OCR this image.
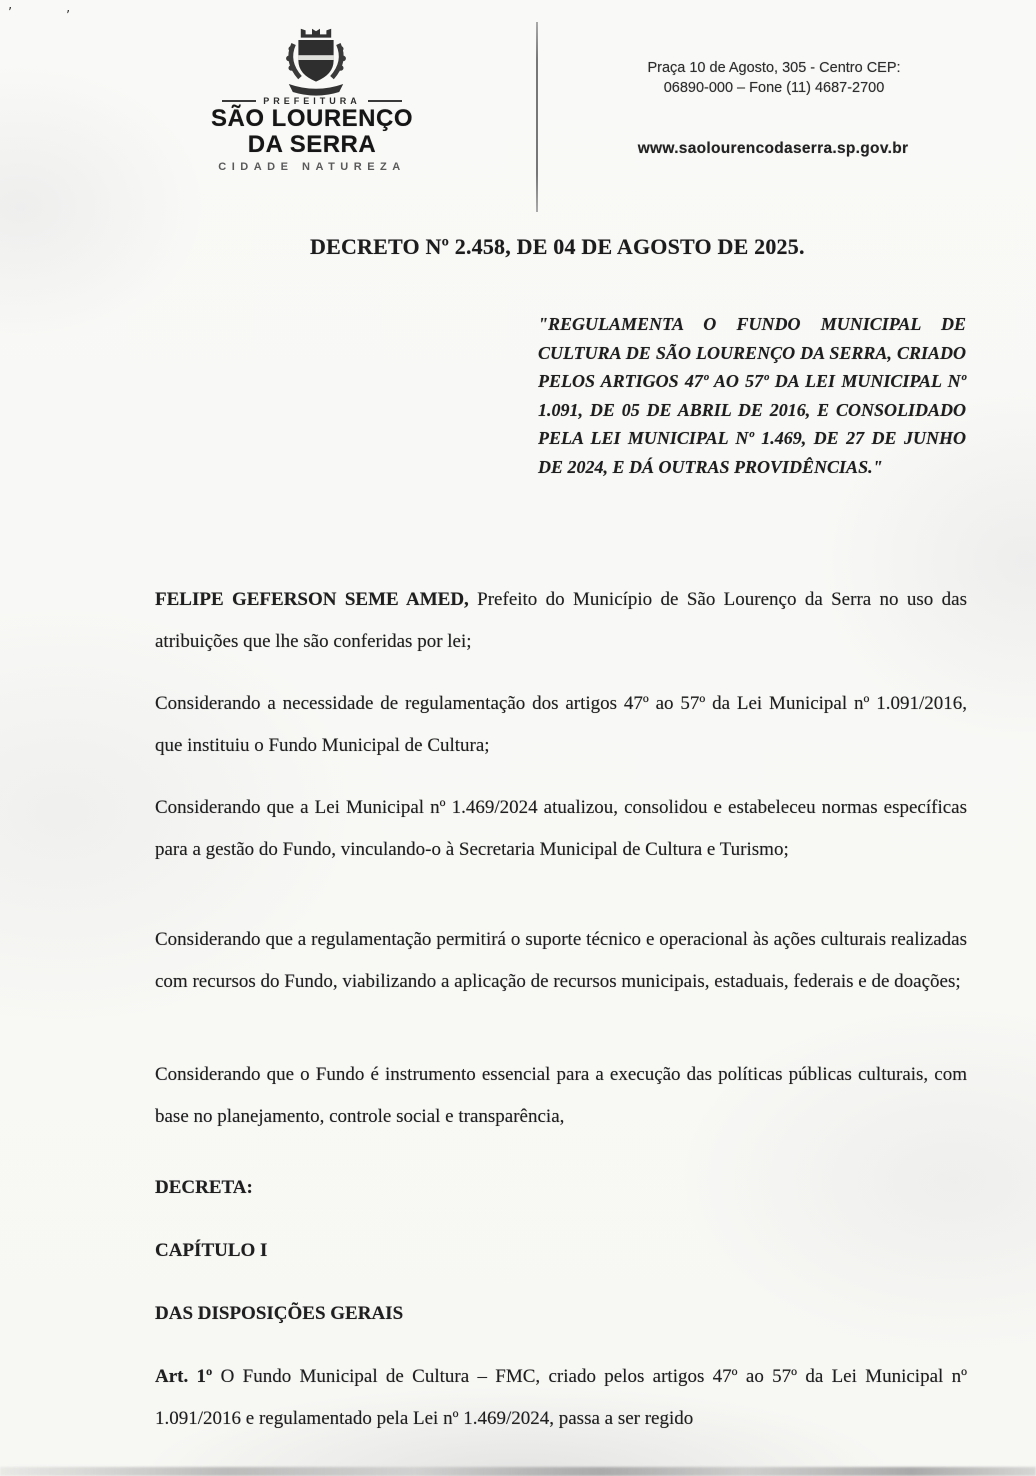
’	’
PREFEITURA
SÃO LOURENÇO
DA SERRA
CIDADE NATUREZA
Praça 10 de Agosto, 305 - Centro CEP:
06890-000 – Fone (11) 4687-2700
www.saolourencodaserra.sp.gov.br
DECRETO Nº 2.458, DE 04 DE AGOSTO DE 2025.
"REGULAMENTA O FUNDO MUNICIPAL DE CULTURA DE SÃO LOURENÇO DA SERRA, CRIADO PELOS ARTIGOS 47º AO 57º DA LEI MUNICIPAL Nº 1.091, DE 05 DE ABRIL DE 2016, E CONSOLIDADO PELA LEI MUNICIPAL Nº 1.469, DE 27 DE JUNHO DE 2024, E DÁ OUTRAS PROVIDÊNCIAS."

FELIPE GEFERSON SEME AMED, Prefeito do Município de São Lourenço da Serra no uso das atribuições que lhe são conferidas por lei;

Considerando a necessidade de regulamentação dos artigos 47º ao 57º da Lei Municipal nº 1.091/2016, que instituiu o Fundo Municipal de Cultura;

Considerando que a Lei Municipal nº 1.469/2024 atualizou, consolidou e estabeleceu normas específicas para a gestão do Fundo, vinculando-o à Secretaria Municipal de Cultura e Turismo;

Considerando que a regulamentação permitirá o suporte técnico e operacional às ações culturais realizadas com recursos do Fundo, viabilizando a aplicação de recursos municipais, estaduais, federais e de doações;

Considerando que o Fundo é instrumento essencial para a execução das políticas públicas culturais, com base no planejamento, controle social e transparência,

DECRETA:

CAPÍTULO I

DAS DISPOSIÇÕES GERAIS

Art. 1º O Fundo Municipal de Cultura – FMC, criado pelos artigos 47º ao 57º da Lei Municipal nº 1.091/2016 e regulamentado pela Lei nº 1.469/2024, passa a ser regido
